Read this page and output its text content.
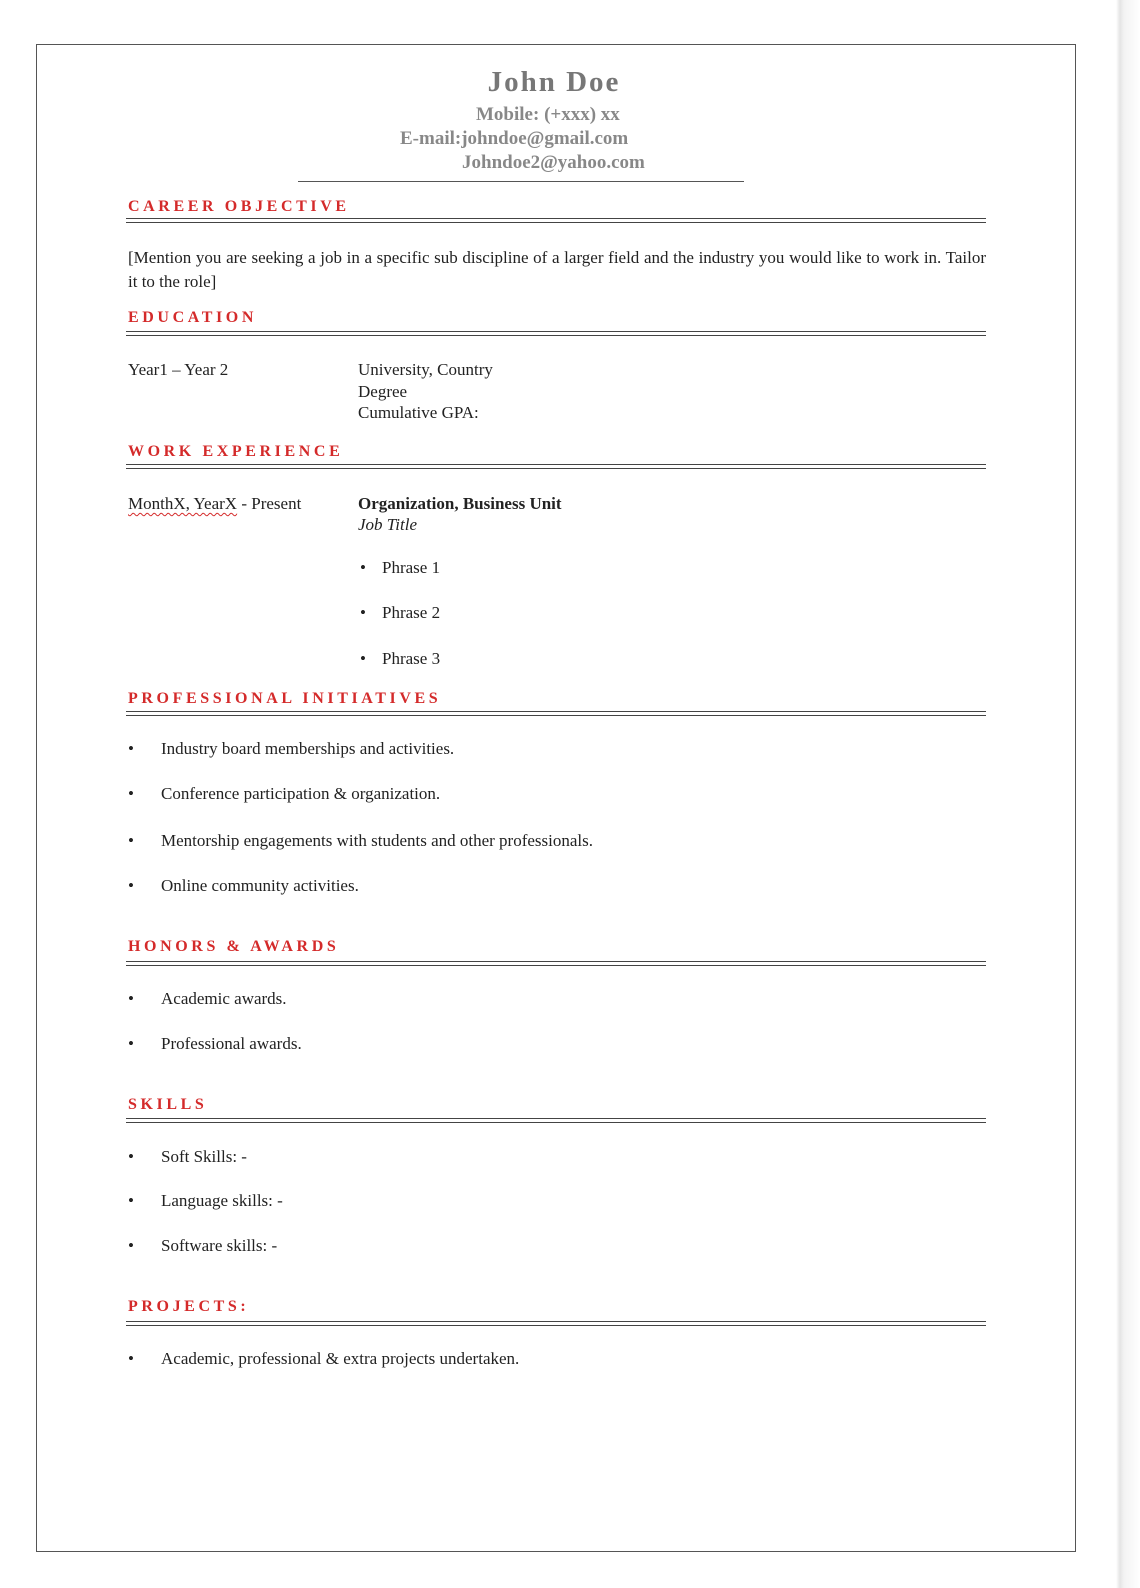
John Doe
Mobile: (+xxx) xx
E-mail:johndoe@gmail.com
Johndoe2@yahoo.com
CAREER OBJECTIVE
[Mention you are seeking a job in a specific sub discipline of a larger field and the industry you would like to work in. Tailor it to the role]
EDUCATION
Year1 – Year 2	University, Country
Degree
Cumulative GPA:
WORK EXPERIENCE
MonthX, YearX - Present	Organization, Business Unit
Job Title
• Phrase 1
• Phrase 2
• Phrase 3
PROFESSIONAL INITIATIVES
• Industry board memberships and activities.
• Conference participation & organization.
• Mentorship engagements with students and other professionals.
• Online community activities.
HONORS & AWARDS
• Academic awards.
• Professional awards.
SKILLS
• Soft Skills: -
• Language skills: -
• Software skills: -
PROJECTS:
• Academic, professional & extra projects undertaken.
